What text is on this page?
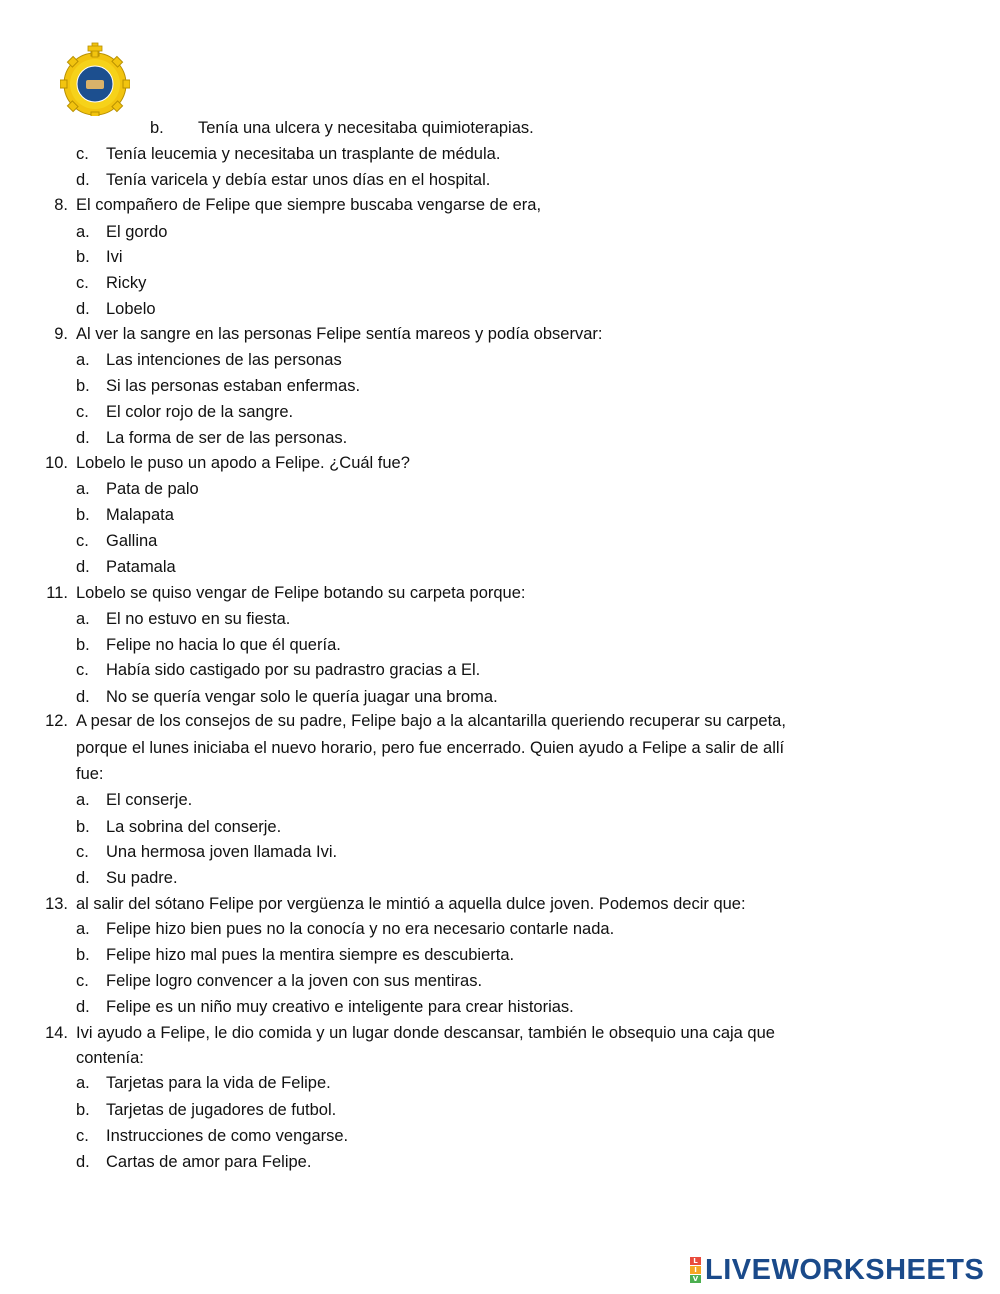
b. Tenía una ulcera y necesitaba quimioterapias.
c. Tenía leucemia y necesitaba un trasplante de médula.
d. Tenía varicela y debía estar unos días en el hospital.
8. El compañero de Felipe que siempre buscaba vengarse de era,
a. El gordo
b. Ivi
c. Ricky
d. Lobelo
9. Al ver la sangre en las personas Felipe sentía mareos y podía observar:
a. Las intenciones de las personas
b. Si las personas estaban enfermas.
c. El color rojo de la sangre.
d. La forma de ser de las personas.
10. Lobelo le puso un apodo a Felipe. ¿Cuál fue?
a. Pata de palo
b. Malapata
c. Gallina
d. Patamala
11. Lobelo se quiso vengar de Felipe botando su carpeta porque:
a. El no estuvo en su fiesta.
b. Felipe no hacia lo que él quería.
c. Había sido castigado por su padrastro gracias a El.
d. No se quería vengar solo le quería juagar una broma.
12. A pesar de los consejos de su padre, Felipe bajo a la alcantarilla queriendo recuperar su carpeta,
porque el lunes iniciaba el nuevo horario, pero fue encerrado. Quien ayudo a Felipe a salir de allí
fue:
a. El conserje.
b. La sobrina del conserje.
c. Una hermosa joven llamada Ivi.
d. Su padre.
13. al salir del sótano Felipe por vergüenza le mintió a aquella dulce joven. Podemos decir que:
a. Felipe hizo bien pues no la conocía y no era necesario contarle nada.
b. Felipe hizo mal pues la mentira siempre es descubierta.
c. Felipe logro convencer a la joven con sus mentiras.
d. Felipe es un niño muy creativo e inteligente para crear historias.
14. Ivi ayudo a Felipe, le dio comida y un lugar donde descansar, también le obsequio una caja que
contenía:
a. Tarjetas para la vida de Felipe.
b. Tarjetas de jugadores de futbol.
c. Instrucciones de como vengarse.
d. Cartas de amor para Felipe.
L
I
V LIVEWORKSHEETS
